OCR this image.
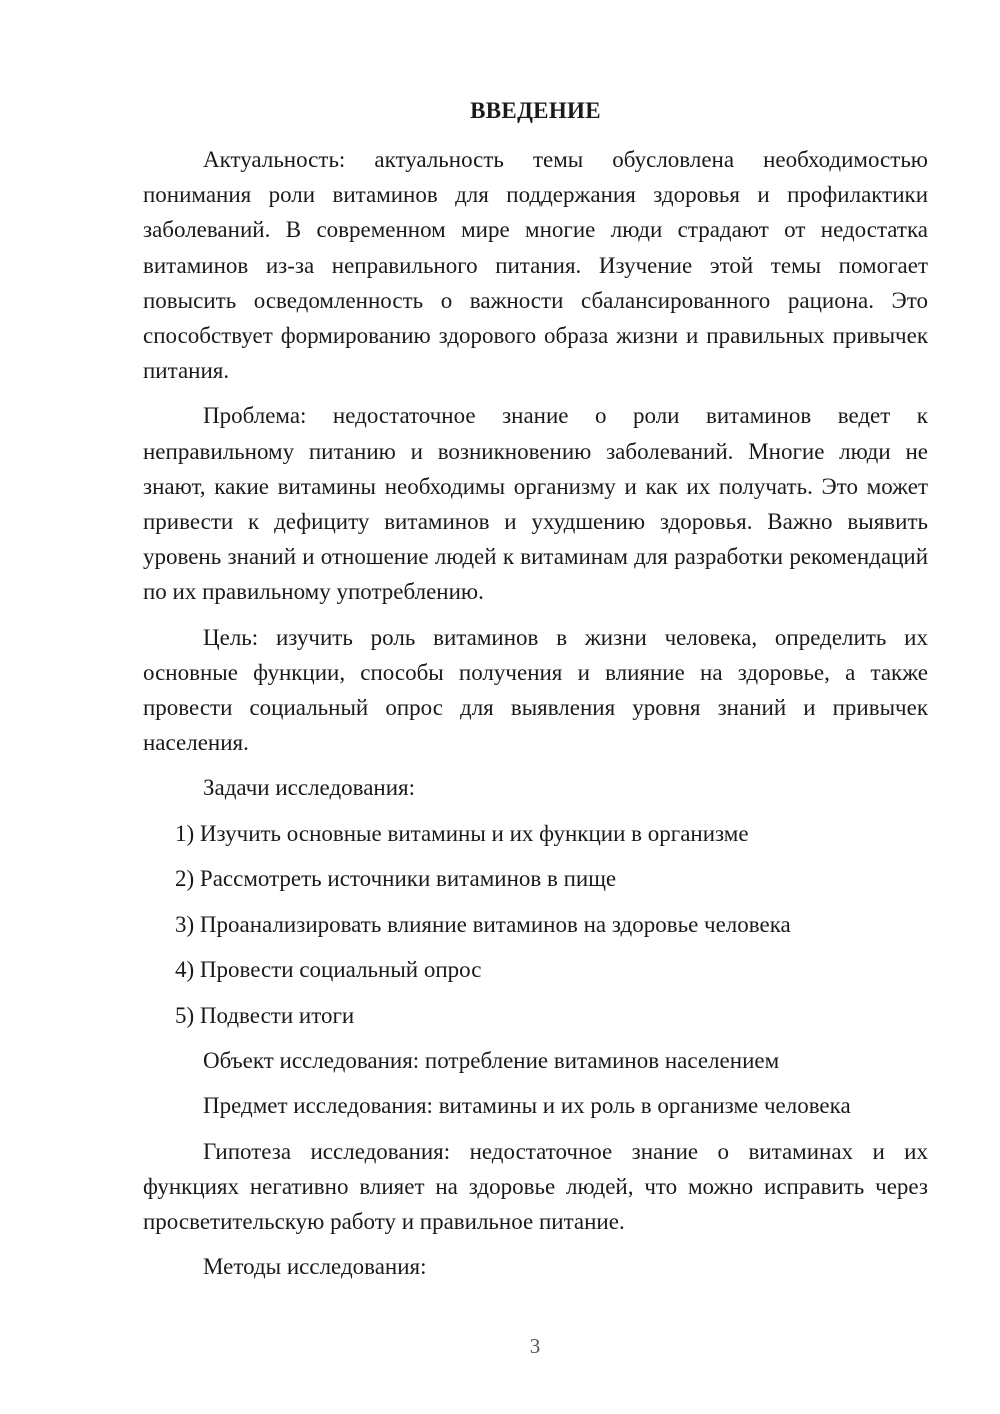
ВВЕДЕНИЕ

Актуальность: актуальность темы обусловлена необходимостью понимания роли витаминов для поддержания здоровья и профилактики заболеваний. В современном мире многие люди страдают от недостатка витаминов из-за неправильного питания. Изучение этой темы помогает повысить осведомленность о важности сбалансированного рациона. Это способствует формированию здорового образа жизни и правильных привычек питания.

Проблема: недостаточное знание о роли витаминов ведет к неправильному питанию и возникновению заболеваний. Многие люди не знают, какие витамины необходимы организму и как их получать. Это может привести к дефициту витаминов и ухудшению здоровья. Важно выявить уровень знаний и отношение людей к витаминам для разработки рекомендаций по их правильному употреблению.

Цель: изучить роль витаминов в жизни человека, определить их основные функции, способы получения и влияние на здоровье, а также провести социальный опрос для выявления уровня знаний и привычек населения.

Задачи исследования:

1) Изучить основные витамины и их функции в организме
2) Рассмотреть источники витаминов в пище
3) Проанализировать влияние витаминов на здоровье человека
4) Провести социальный опрос
5) Подвести итоги

Объект исследования: потребление витаминов населением

Предмет исследования: витамины и их роль в организме человека

Гипотеза исследования: недостаточное знание о витаминах и их функциях негативно влияет на здоровье людей, что можно исправить через просветительскую работу и правильное питание.

Методы исследования:

3
